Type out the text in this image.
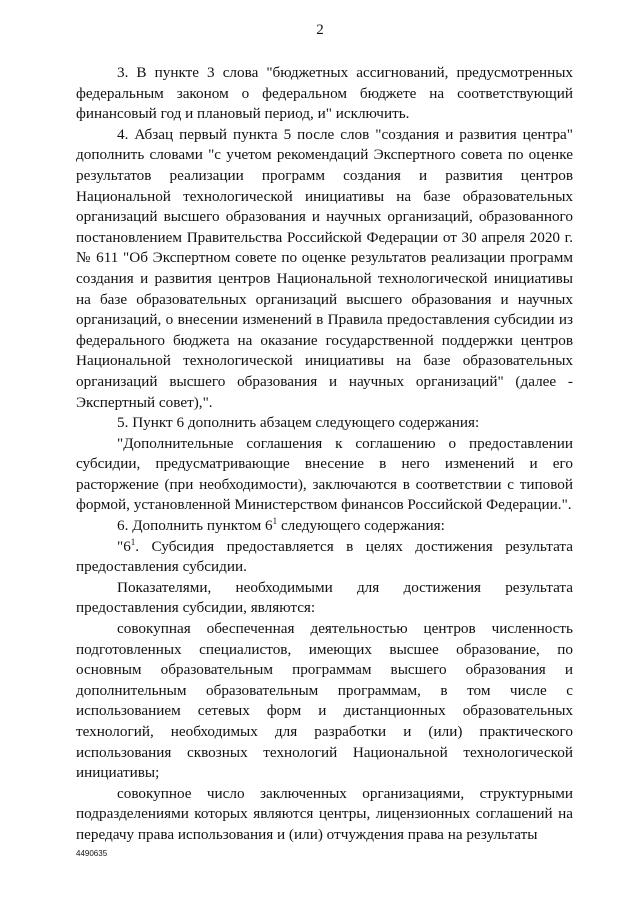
2

3. В пункте 3 слова "бюджетных ассигнований, предусмотренных федеральным законом о федеральном бюджете на соответствующий финансовый год и плановый период, и" исключить.

4. Абзац первый пункта 5 после слов "создания и развития центра" дополнить словами "с учетом рекомендаций Экспертного совета по оценке результатов реализации программ создания и развития центров Национальной технологической инициативы на базе образовательных организаций высшего образования и научных организаций, образованного постановлением Правительства Российской Федерации от 30 апреля 2020 г. № 611 "Об Экспертном совете по оценке результатов реализации программ создания и развития центров Национальной технологической инициативы на базе образовательных организаций высшего образования и научных организаций, о внесении изменений в Правила предоставления субсидии из федерального бюджета на оказание государственной поддержки центров Национальной технологической инициативы на базе образовательных организаций высшего образования и научных организаций" (далее - Экспертный совет),".

5. Пункт 6 дополнить абзацем следующего содержания:

"Дополнительные соглашения к соглашению о предоставлении субсидии, предусматривающие внесение в него изменений и его расторжение (при необходимости), заключаются в соответствии с типовой формой, установленной Министерством финансов Российской Федерации.".

6. Дополнить пунктом $6^1$ следующего содержания:

"$6^1$. Субсидия предоставляется в целях достижения результата предоставления субсидии.

Показателями, необходимыми для достижения результата предоставления субсидии, являются:

совокупная обеспеченная деятельностью центров численность подготовленных специалистов, имеющих высшее образование, по основным образовательным программам высшего образования и дополнительным образовательным программам, в том числе с использованием сетевых форм и дистанционных образовательных технологий, необходимых для разработки и (или) практического использования сквозных технологий Национальной технологической инициативы;

совокупное число заключенных организациями, структурными подразделениями которых являются центры, лицензионных соглашений на передачу права использования и (или) отчуждения права на результаты

4490635
